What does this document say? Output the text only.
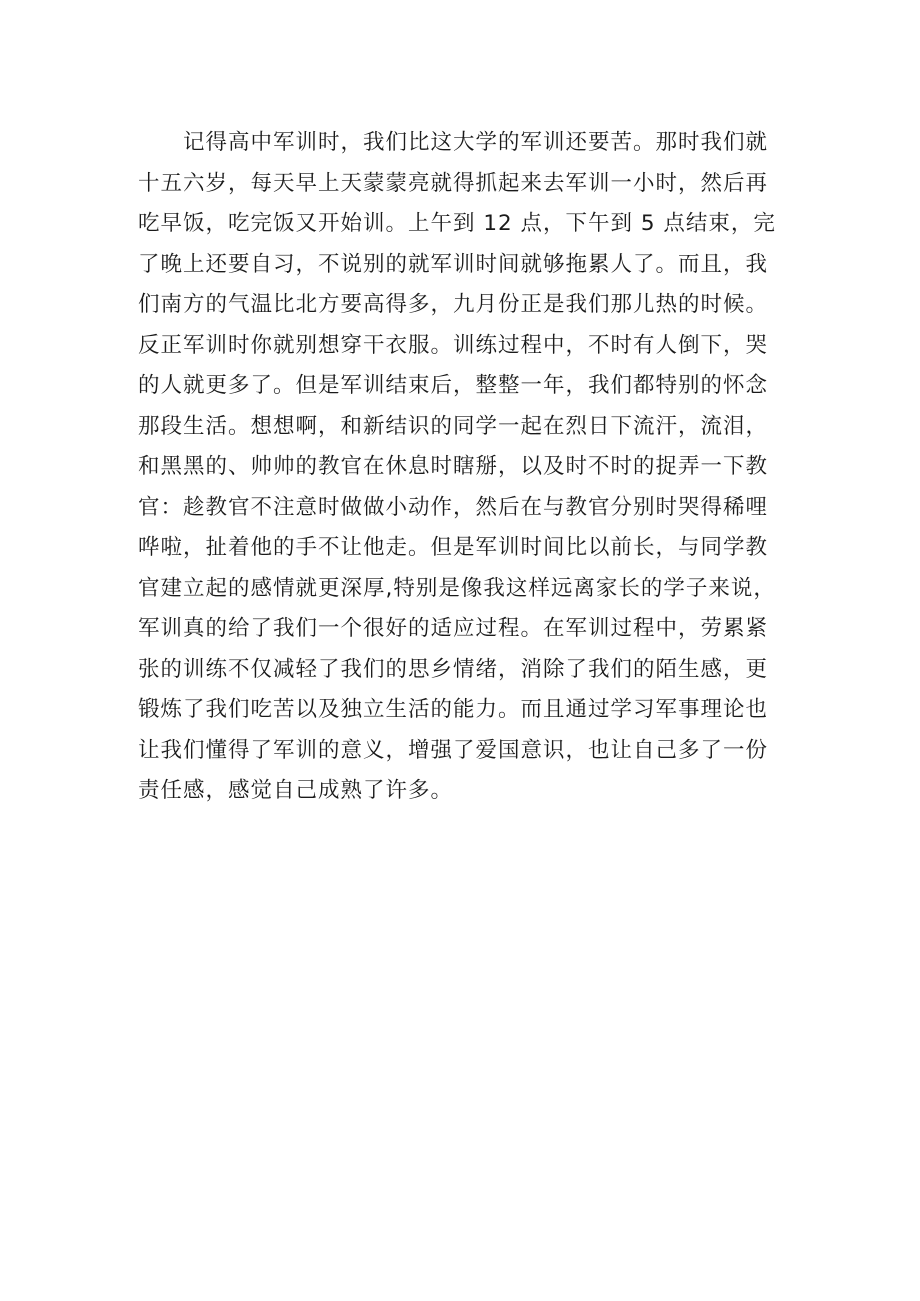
　　记得高中军训时，我们比这大学的军训还要苦。那时我们就
十五六岁，每天早上天蒙蒙亮就得抓起来去军训一小时，然后再
吃早饭，吃完饭又开始训。上午到 12 点，下午到 5 点结束，完
了晚上还要自习，不说别的就军训时间就够拖累人了。而且，我
们南方的气温比北方要高得多，九月份正是我们那儿热的时候。
反正军训时你就别想穿干衣服。训练过程中，不时有人倒下，哭
的人就更多了。但是军训结束后，整整一年，我们都特别的怀念
那段生活。想想啊，和新结识的同学一起在烈日下流汗，流泪，
和黑黑的、帅帅的教官在休息时瞎掰，以及时不时的捉弄一下教
官：趁教官不注意时做做小动作，然后在与教官分别时哭得稀哩
哗啦，扯着他的手不让他走。但是军训时间比以前长，与同学教
官建立起的感情就更深厚,特别是像我这样远离家长的学子来说，
军训真的给了我们一个很好的适应过程。在军训过程中，劳累紧
张的训练不仅减轻了我们的思乡情绪，消除了我们的陌生感，更
锻炼了我们吃苦以及独立生活的能力。而且通过学习军事理论也
让我们懂得了军训的意义，增强了爱国意识，也让自己多了一份
责任感，感觉自己成熟了许多。
